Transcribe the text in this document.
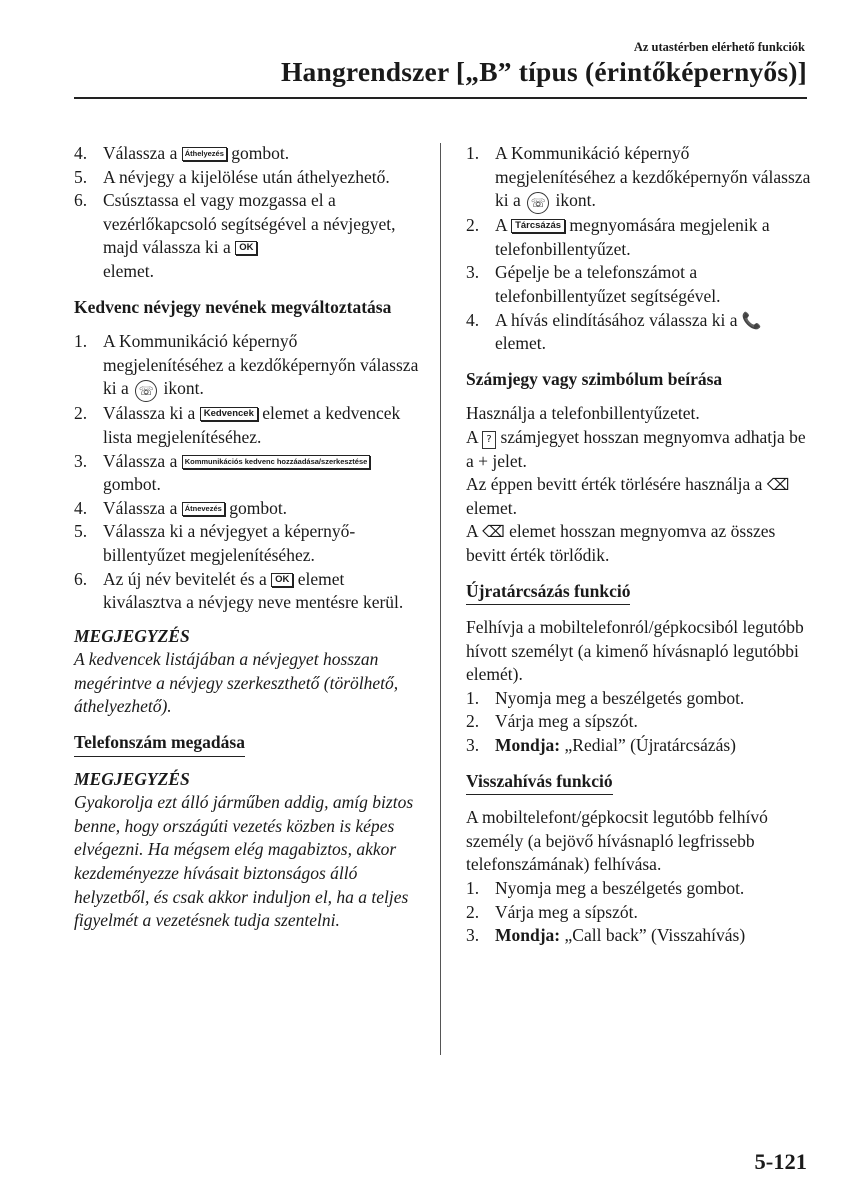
Az utastérben elérhető funkciók
Hangrendszer [„B” típus (érintőképernyős)]
4. Válassza a Áthelyezés gombot.
5. A névjegy a kijelölése után áthelyezhető.
6. Csúsztassa el vagy mozgassa el a vezérlőkapcsoló segítségével a névjegyet, majd válassza ki a OK
elemet.
Kedvenc névjegy nevének megváltoztatása
1. A Kommunikáció képernyő megjelenítéséhez a kezdőképernyőn válassza ki a ☏ ikont.
2. Válassza ki a Kedvencek elemet a kedvencek lista megjelenítéséhez.
3. Válassza a Kommunikációs kedvenc hozzáadása/szerkesztése
gombot.
4. Válassza a Átnevezés gombot.
5. Válassza ki a névjegyet a képernyő-billentyűzet megjelenítéséhez.
6. Az új név bevitelét és a OK elemet kiválasztva a névjegy neve mentésre kerül.
MEGJEGYZÉS
A kedvencek listájában a névjegyet hosszan megérintve a névjegy szerkeszthető (törölhető, áthelyezhető).
Telefonszám megadása
MEGJEGYZÉS
Gyakorolja ezt álló járműben addig, amíg biztos benne, hogy országúti vezetés közben is képes elvégezni. Ha mégsem elég magabiztos, akkor kezdeményezze hívásait biztonságos álló helyzetből, és csak akkor induljon el, ha a teljes figyelmét a vezetésnek tudja szentelni.
1. A Kommunikáció képernyő megjelenítéséhez a kezdőképernyőn válassza ki a ☏ ikont.
2. A Tárcsázás megnyomására megjelenik a telefonbillentyűzet.
3. Gépelje be a telefonszámot a telefonbillentyűzet segítségével.
4. A hívás elindításához válassza ki a 📞
elemet.
Számjegy vagy szimbólum beírása
Használja a telefonbillentyűzetet.
A ? számjegyet hosszan megnyomva adhatja be a + jelet.
Az éppen bevitt érték törlésére használja a ⌫ elemet.
A ⌫ elemet hosszan megnyomva az összes bevitt érték törlődik.
Újratárcsázás funkció
Felhívja a mobiltelefonról/gépkocsiból legutóbb hívott személyt (a kimenő hívásnapló legutóbbi elemét).
1. Nyomja meg a beszélgetés gombot.
2. Várja meg a sípszót.
3. Mondja: „Redial” (Újratárcsázás)
Visszahívás funkció
A mobiltelefont/gépkocsit legutóbb felhívó személy (a bejövő hívásnapló legfrissebb telefonszámának) felhívása.
1. Nyomja meg a beszélgetés gombot.
2. Várja meg a sípszót.
3. Mondja: „Call back” (Visszahívás)
5-121
